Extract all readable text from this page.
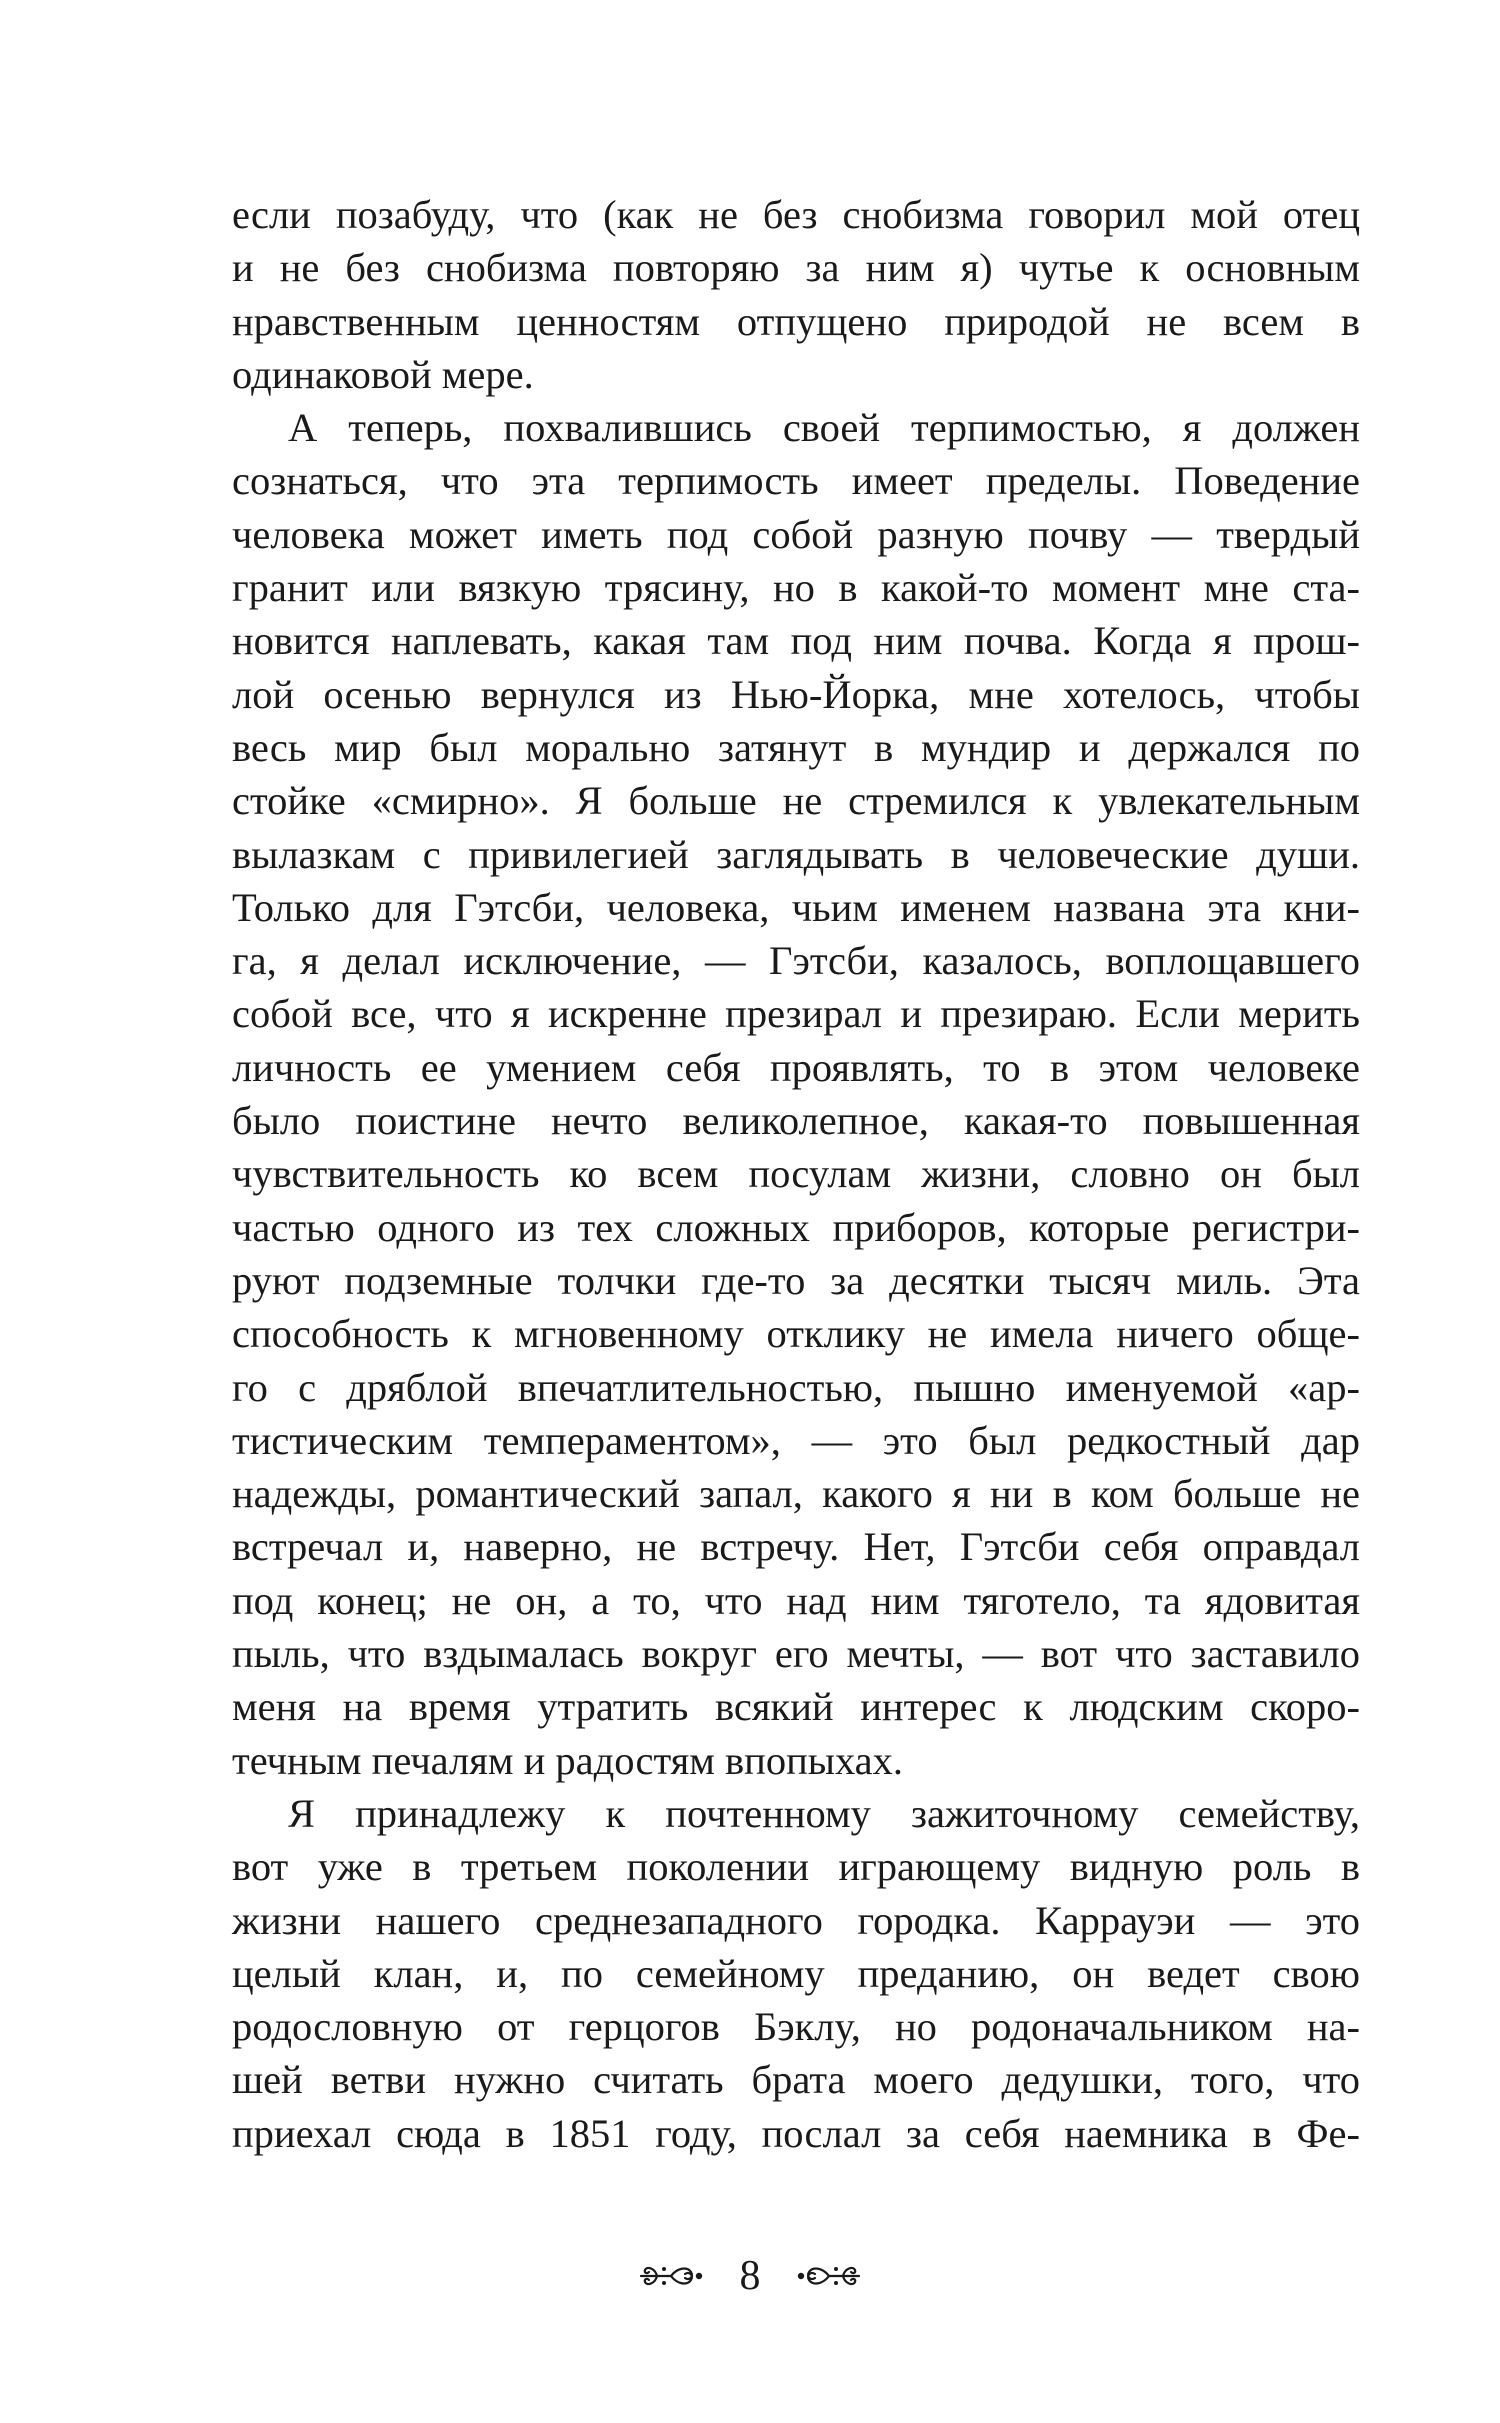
если позабуду, что (как не без снобизма говорил мой отец
и не без снобизма повторяю за ним я) чутье к основным
нравственным ценностям отпущено природой не всем в
одинаковой мере.
А теперь, похвалившись своей терпимостью, я должен
сознаться, что эта терпимость имеет пределы. Поведение
человека может иметь под собой разную почву — твердый
гранит или вязкую трясину, но в какой-то момент мне ста-
новится наплевать, какая там под ним почва. Когда я прош-
лой осенью вернулся из Нью-Йорка, мне хотелось, чтобы
весь мир был морально затянут в мундир и держался по
стойке «смирно». Я больше не стремился к увлекательным
вылазкам с привилегией заглядывать в человеческие души.
Только для Гэтсби, человека, чьим именем названа эта кни-
га, я делал исключение, — Гэтсби, казалось, воплощавшего
собой все, что я искренне презирал и презираю. Если мерить
личность ее умением себя проявлять, то в этом человеке
было поистине нечто великолепное, какая-то повышенная
чувствительность ко всем посулам жизни, словно он был
частью одного из тех сложных приборов, которые регистри-
руют подземные толчки где-то за десятки тысяч миль. Эта
способность к мгновенному отклику не имела ничего обще-
го с дряблой впечатлительностью, пышно именуемой «ар-
тистическим темпераментом», — это был редкостный дар
надежды, романтический запал, какого я ни в ком больше не
встречал и, наверно, не встречу. Нет, Гэтсби себя оправдал
под конец; не он, а то, что над ним тяготело, та ядовитая
пыль, что вздымалась вокруг его мечты, — вот что заставило
меня на время утратить всякий интерес к людским скоро-
течным печалям и радостям впопыхах.
Я принадлежу к почтенному зажиточному семейству,
вот уже в третьем поколении играющему видную роль в
жизни нашего среднезападного городка. Каррауэи — это
целый клан, и, по семейному преданию, он ведет свою
родословную от герцогов Бэклу, но родоначальником на-
шей ветви нужно считать брата моего дедушки, того, что
приехал сюда в 1851 году, послал за себя наемника в Фе-
8
